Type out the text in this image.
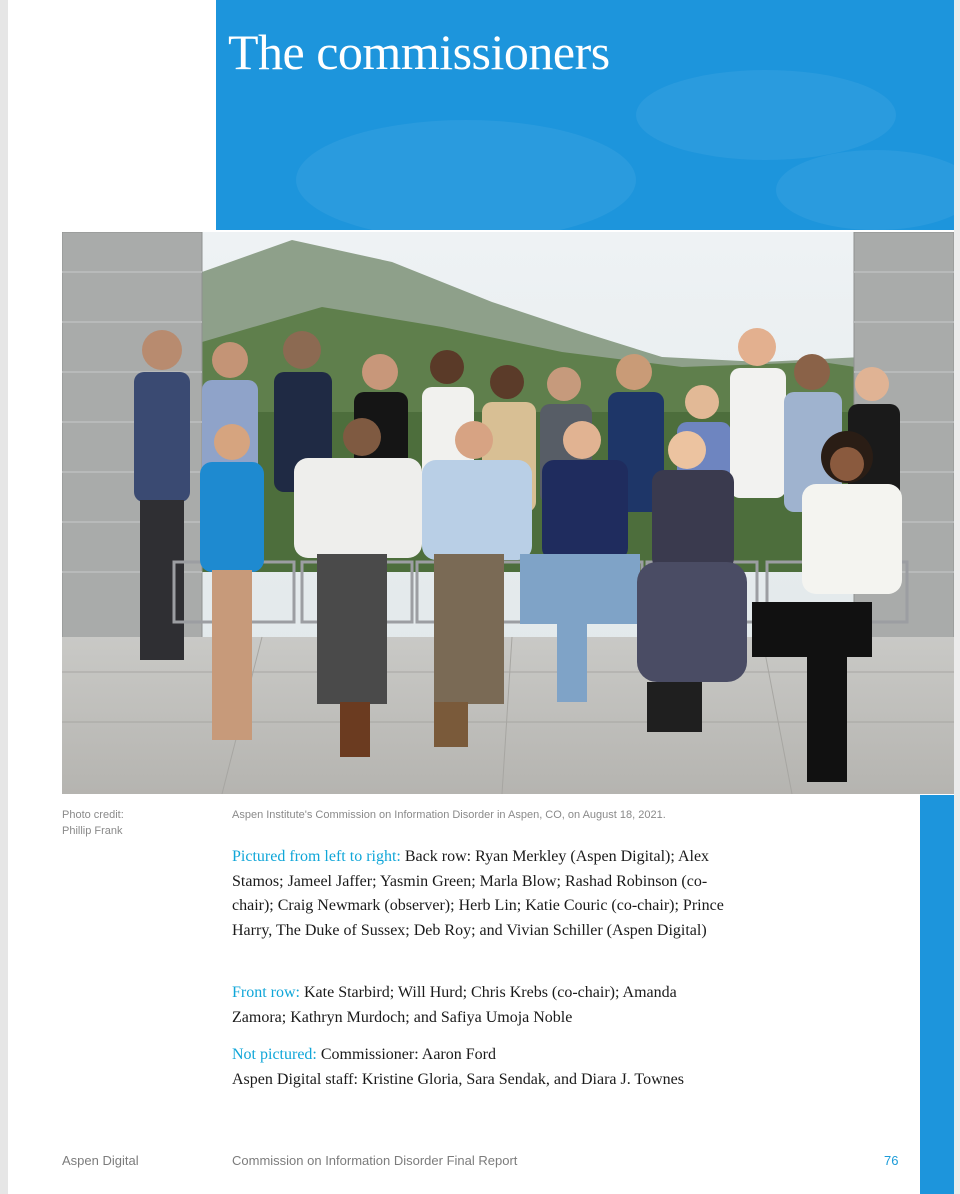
The commissioners
Photo credit:
Phillip Frank
Aspen Institute's Commission on Information Disorder in Aspen, CO, on August 18, 2021.

Pictured from left to right: Back row: Ryan Merkley (Aspen Digital); Alex Stamos; Jameel Jaffer; Yasmin Green; Marla Blow; Rashad Robinson (co-chair); Craig Newmark (observer); Herb Lin; Katie Couric (co-chair); Prince Harry, The Duke of Sussex; Deb Roy; and Vivian Schiller (Aspen Digital)

Front row: Kate Starbird; Will Hurd; Chris Krebs (co-chair); Amanda Zamora; Kathryn Murdoch; and Safiya Umoja Noble

Not pictured: Commissioner: Aaron Ford
Aspen Digital staff: Kristine Gloria, Sara Sendak, and Diara J. Townes

Aspen Digital	Commission on Information Disorder Final Report	76
